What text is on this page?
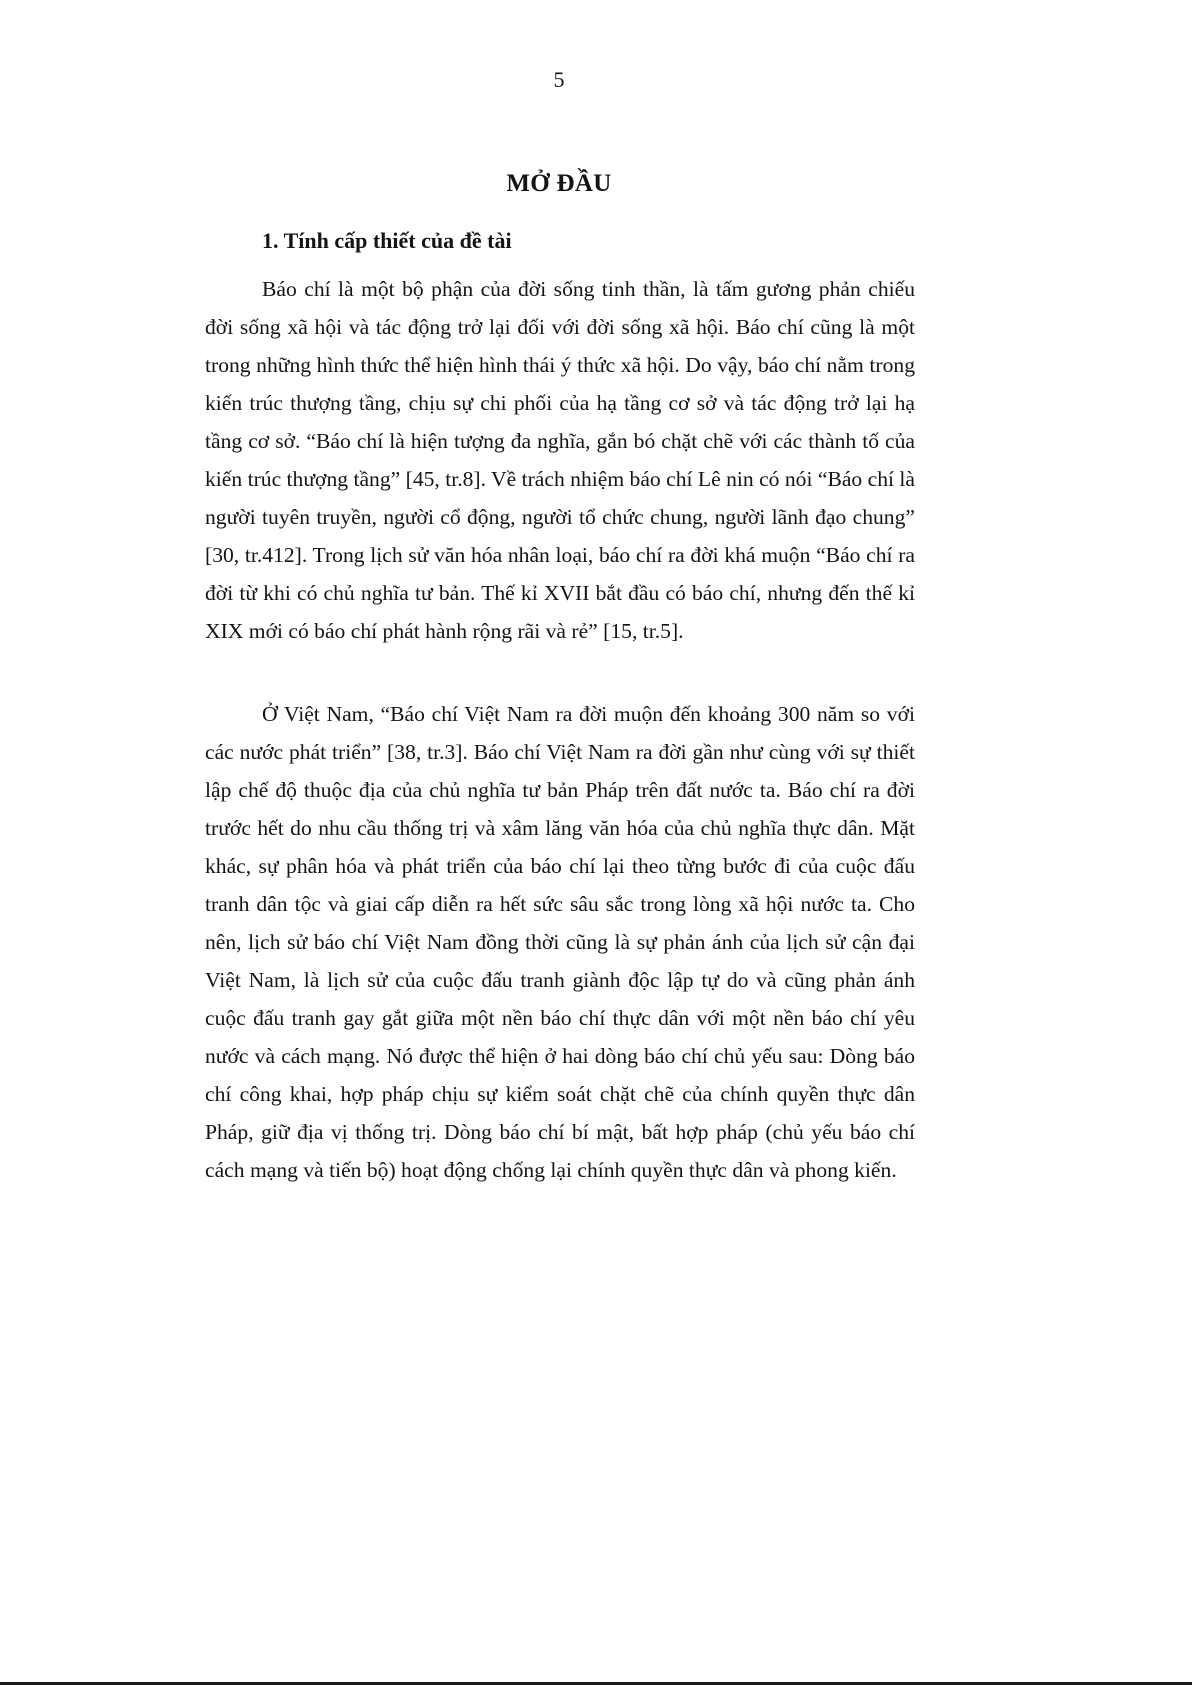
5
MỞ ĐẦU
1. Tính cấp thiết của đề tài

Báo chí là một bộ phận của đời sống tinh thần, là tấm gương phản chiếu đời sống xã hội và tác động trở lại đối với đời sống xã hội. Báo chí cũng là một trong những hình thức thể hiện hình thái ý thức xã hội. Do vậy, báo chí nằm trong kiến trúc thượng tầng, chịu sự chi phối của hạ tầng cơ sở và tác động trở lại hạ tầng cơ sở. “Báo chí là hiện tượng đa nghĩa, gắn bó chặt chẽ với các thành tố của kiến trúc thượng tầng” [45, tr.8]. Về trách nhiệm báo chí Lê nin có nói “Báo chí là người tuyên truyền, người cổ động, người tổ chức chung, người lãnh đạo chung” [30, tr.412]. Trong lịch sử văn hóa nhân loại, báo chí ra đời khá muộn “Báo chí ra đời từ khi có chủ nghĩa tư bản. Thế kỉ XVII bắt đầu có báo chí, nhưng đến thế kỉ XIX mới có báo chí phát hành rộng rãi và rẻ” [15, tr.5].

Ở Việt Nam, “Báo chí Việt Nam ra đời muộn đến khoảng 300 năm so với các nước phát triển” [38, tr.3]. Báo chí Việt Nam ra đời gần như cùng với sự thiết lập chế độ thuộc địa của chủ nghĩa tư bản Pháp trên đất nước ta. Báo chí ra đời trước hết do nhu cầu thống trị và xâm lăng văn hóa của chủ nghĩa thực dân. Mặt khác, sự phân hóa và phát triển của báo chí lại theo từng bước đi của cuộc đấu tranh dân tộc và giai cấp diễn ra hết sức sâu sắc trong lòng xã hội nước ta. Cho nên, lịch sử báo chí Việt Nam đồng thời cũng là sự phản ánh của lịch sử cận đại Việt Nam, là lịch sử của cuộc đấu tranh giành độc lập tự do và cũng phản ánh cuộc đấu tranh gay gắt giữa một nền báo chí thực dân với một nền báo chí yêu nước và cách mạng. Nó được thể hiện ở hai dòng báo chí chủ yếu sau: Dòng báo chí công khai, hợp pháp chịu sự kiểm soát chặt chẽ của chính quyền thực dân Pháp, giữ địa vị thống trị. Dòng báo chí bí mật, bất hợp pháp (chủ yếu báo chí cách mạng và tiến bộ) hoạt động chống lại chính quyền thực dân và phong kiến.
